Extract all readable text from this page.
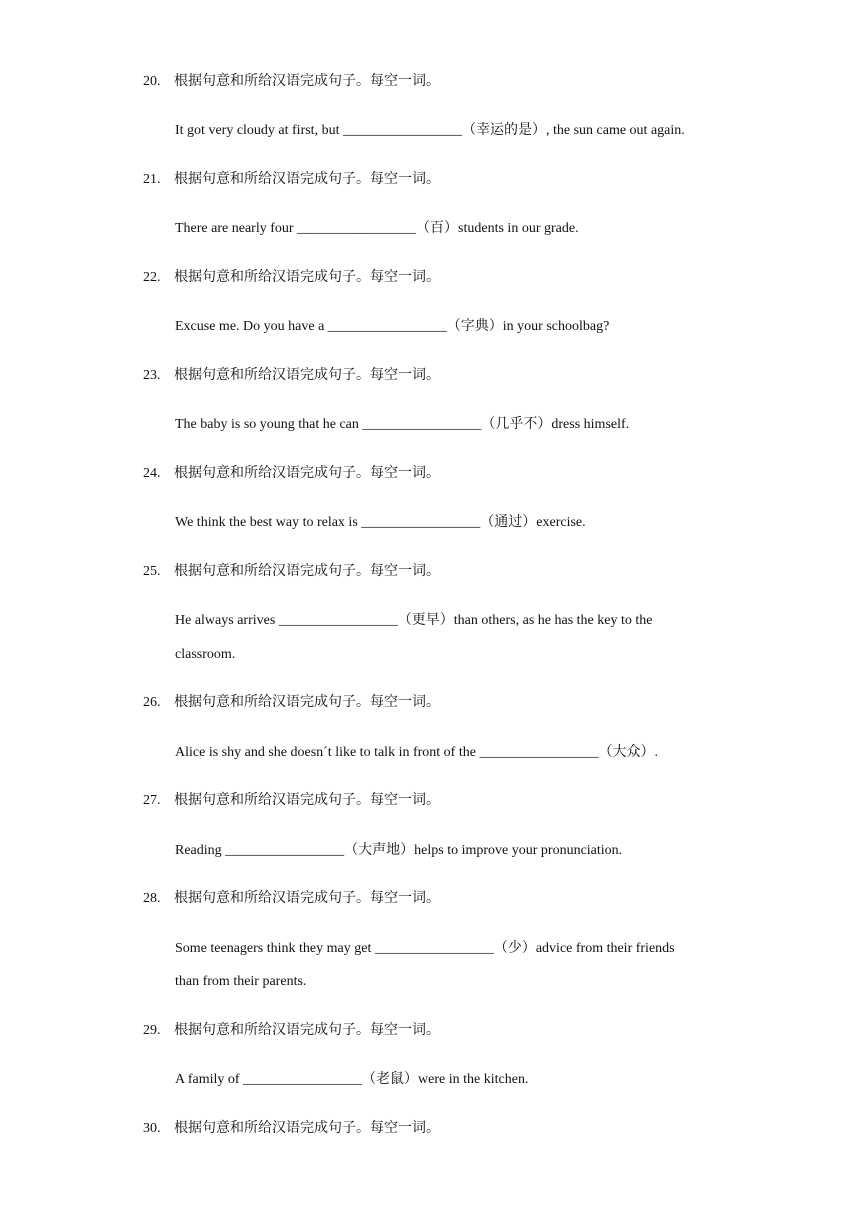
20. 根据句意和所给汉语完成句子。每空一词。
It got very cloudy at first, but _________________（幸运的是）, the sun came out again.
21. 根据句意和所给汉语完成句子。每空一词。
There are nearly four _________________（百）students in our grade.
22. 根据句意和所给汉语完成句子。每空一词。
Excuse me. Do you have a _________________（字典）in your schoolbag?
23. 根据句意和所给汉语完成句子。每空一词。
The baby is so young that he can _________________（几乎不）dress himself.
24. 根据句意和所给汉语完成句子。每空一词。
We think the best way to relax is _________________（通过）exercise.
25. 根据句意和所给汉语完成句子。每空一词。
He always arrives _________________（更早）than others, as he has the key to the
classroom.
26. 根据句意和所给汉语完成句子。每空一词。
Alice is shy and she doesn´t like to talk in front of the _________________（大众）.
27. 根据句意和所给汉语完成句子。每空一词。
Reading _________________（大声地）helps to improve your pronunciation.
28. 根据句意和所给汉语完成句子。每空一词。
Some teenagers think they may get _________________（少）advice from their friends
than from their parents.
29. 根据句意和所给汉语完成句子。每空一词。
A family of _________________（老鼠）were in the kitchen.
30. 根据句意和所给汉语完成句子。每空一词。
